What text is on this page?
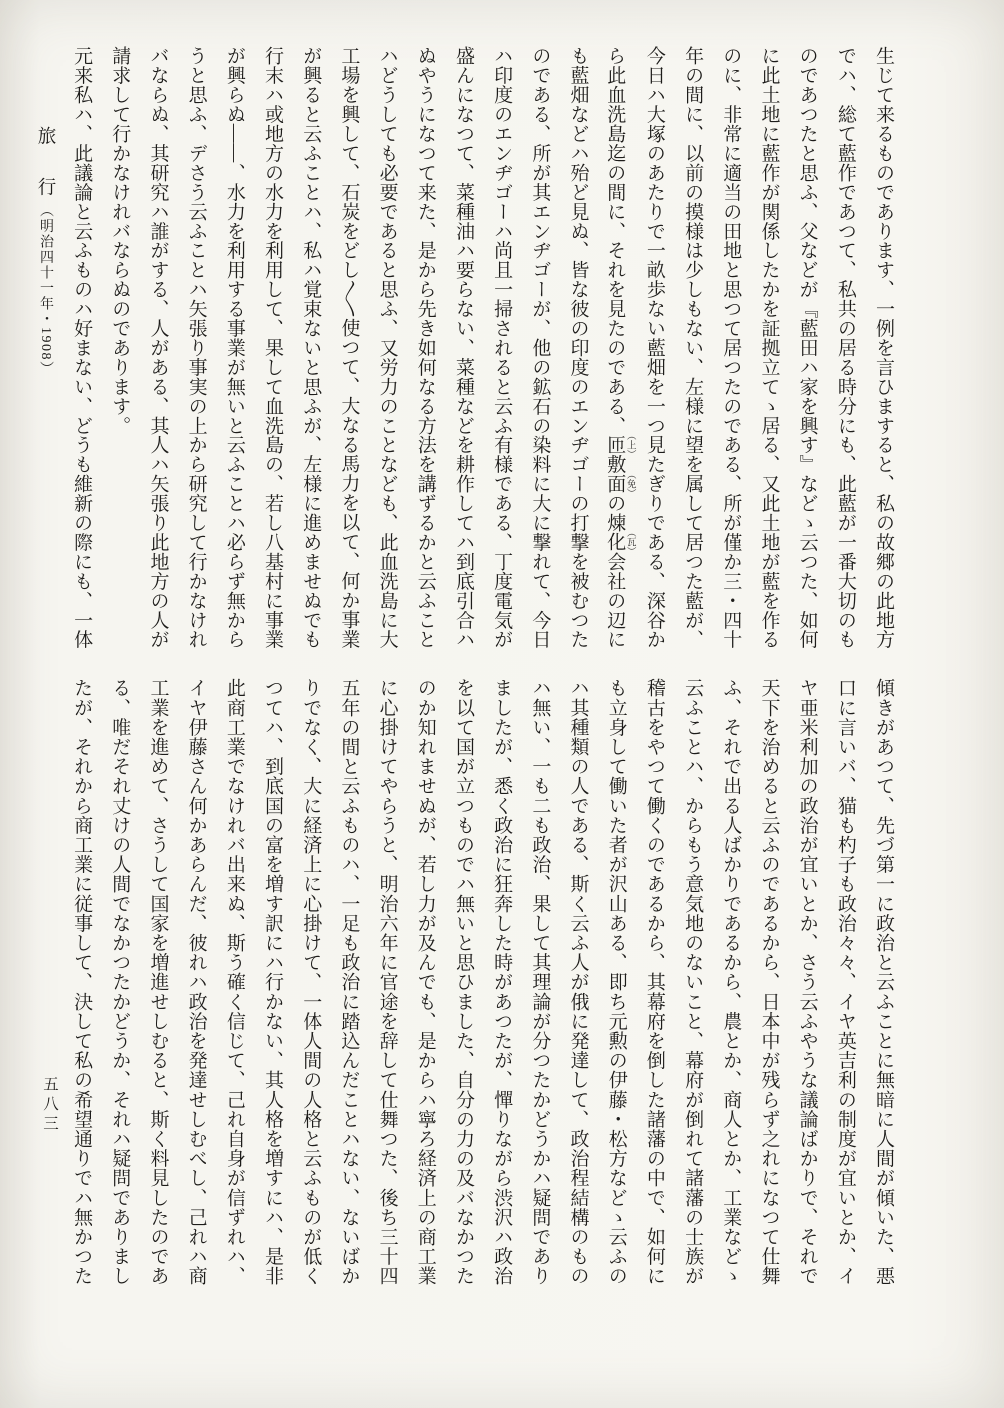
生じて来るものであります、一例を言ひますると、私の故郷の此地方
でハ、総て藍作であつて、私共の居る時分にも、此藍が一番大切のも
のであつたと思ふ、父などが『藍田ハ家を興す』などゝ云つた、如何
に此土地に藍作が関係したかを証拠立てゝ居る、又此土地が藍を作る
のに、非常に適当の田地と思つて居つたのである、所が僅か三・四十
年の間に、以前の摸様は少しもない、左様に望を属して居つた藍が、
今日ハ大塚のあたりで一畝歩ない藍畑を一つ見たぎりである、深谷か
ら此血洗島迄の間に、それを見たのである、匝 （上）敷面 （免）の煉化 （瓦）会社の辺に
も藍畑などハ殆ど見ぬ、皆な彼の印度のエンヂゴーの打撃を被むつた
のである、所が其エンヂゴーが、他の鉱石の染料に大に撃れて、今日
ハ印度のエンヂゴーハ尚且一掃されると云ふ有様である、丁度電気が
盛んになつて、菜種油ハ要らない、菜種などを耕作してハ到底引合ハ
ぬやうになつて来た、是から先き如何なる方法を講ずるかと云ふこと
ハどうしても必要であると思ふ、又労力のことなども、此血洗島に大
工場を興して、石炭をどし〱使つて、大なる馬力を以て、何か事業
が興ると云ふことハ、私ハ覚束ないと思ふが、左様に進めませぬでも
行末ハ或地方の水力を利用して、果して血洗島の、若し八基村に事業
が興らぬ――、水力を利用する事業が無いと云ふことハ必らず無から
うと思ふ、デさう云ふことハ矢張り事実の上から研究して行かなけれ
バならぬ、其研究ハ誰がする、人がある、其人ハ矢張り此地方の人が
請求して行かなけれバならぬのであります。
元来私ハ、此議論と云ふものハ好まない、どうも維新の際にも、一体
旅　行（明治四十一年・1908）
傾きがあつて、先づ第一に政治と云ふことに無暗に人間が傾いた、悪
口に言いバ、猫も杓子も政治々々、イヤ英吉利の制度が宜いとか、イ
ヤ亜米利加の政治が宜いとか、さう云ふやうな議論ばかりで、それで
天下を治めると云ふのであるから、日本中が残らず之れになつて仕舞
ふ、それで出る人ばかりであるから、農とか、商人とか、工業などゝ
云ふことハ、からもう意気地のないこと、幕府が倒れて諸藩の士族が
稽古をやつて働くのであるから、其幕府を倒した諸藩の中で、如何に
も立身して働いた者が沢山ある、即ち元勲の伊藤・松方などゝ云ふの
ハ其種類の人である、斯く云ふ人が俄に発達して、政治程結構のもの
ハ無い、一も二も政治、果して其理論が分つたかどうかハ疑問であり
ましたが、悉く政治に狂奔した時があつたが、憚りながら渋沢ハ政治
を以て国が立つものでハ無いと思ひました、自分の力の及バなかつた
のか知れませぬが、若し力が及んでも、是からハ寧ろ経済上の商工業
に心掛けてやらうと、明治六年に官途を辞して仕舞つた、後ち三十四
五年の間と云ふものハ、一足も政治に踏込んだことハない、ないばか
りでなく、大に経済上に心掛けて、一体人間の人格と云ふものが低く
つてハ、到底国の富を増す訳にハ行かない、其人格を増すにハ、是非
此商工業でなけれバ出来ぬ、斯う確く信じて、己れ自身が信ずれハ、
イヤ伊藤さん何かあらんだ、彼れハ政治を発達せしむべし、己れハ商
工業を進めて、さうして国家を増進せしむると、斯く料見したのであ
る、唯だそれ丈けの人間でなかつたかどうか、それハ疑問でありまし
たが、それから商工業に従事して、決して私の希望通りでハ無かつた
五八三
